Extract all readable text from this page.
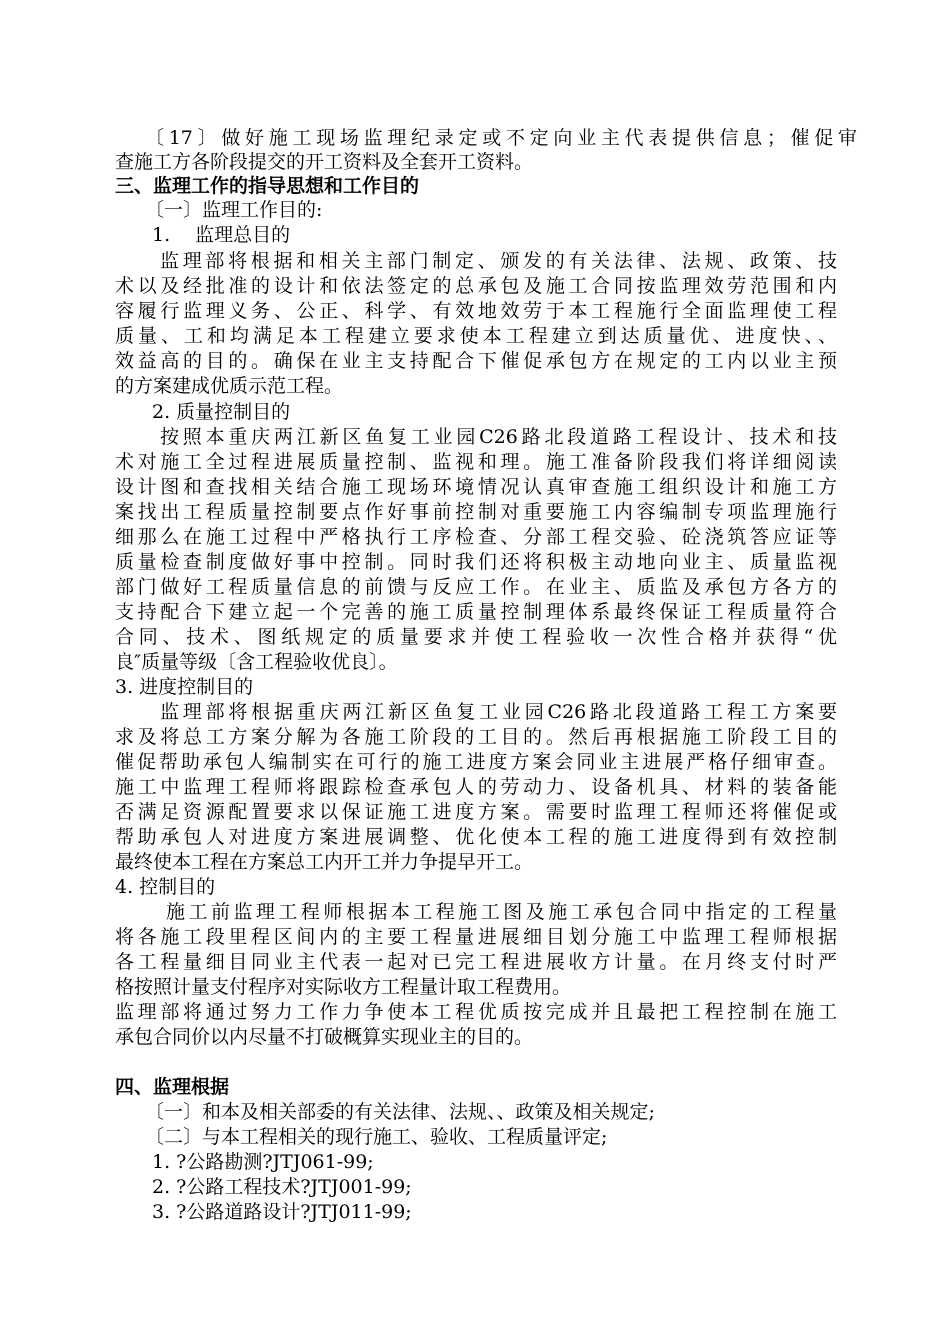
〔17〕做好施工现场监理纪录定或不定向业主代表提供信息；催促审
查施工方各阶段提交的开工资料及全套开工资料。
三、监理工作的指导思想和工作目的
〔一〕监理工作目的:
1.　 监理总目的
监理部将根据和相关主部门制定、颁发的有关法律、法规、政策、技
术以及经批准的设计和依法签定的总承包及施工合同按监理效劳范围和内
容履行监理义务、公正、科学、有效地效劳于本工程施行全面监理使工程
质量、工和均满足本工程建立要求使本工程建立到达质量优、进度快、、
效益高的目的。确保在业主支持配合下催促承包方在规定的工内以业主预
的方案建成优质示范工程。
2. 质量控制目的
按照本重庆两江新区鱼复工业园C26路北段道路工程设计、技术和技
术对施工全过程进展质量控制、监视和理。施工准备阶段我们将详细阅读
设计图和查找相关结合施工现场环境情况认真审查施工组织设计和施工方
案找出工程质量控制要点作好事前控制对重要施工内容编制专项监理施行
细那么在施工过程中严格执行工序检查、分部工程交验、砼浇筑答应证等
质量检查制度做好事中控制。同时我们还将积极主动地向业主、质量监视
部门做好工程质量信息的前馈与反应工作。在业主、质监及承包方各方的
支持配合下建立起一个完善的施工质量控制理体系最终保证工程质量符合
合同、技术、图纸规定的质量要求并使工程验收一次性合格并获得“优
良″质量等级〔含工程验收优良〕。
3. 进度控制目的
监理部将根据重庆两江新区鱼复工业园C26路北段道路工程工方案要
求及将总工方案分解为各施工阶段的工目的。然后再根据施工阶段工目的
催促帮助承包人编制实在可行的施工进度方案会同业主进展严格仔细审查。
施工中监理工程师将跟踪检查承包人的劳动力、设备机具、材料的装备能
否满足资源配置要求以保证施工进度方案。需要时监理工程师还将催促或
帮助承包人对进度方案进展调整、优化使本工程的施工进度得到有效控制
最终使本工程在方案总工内开工并力争提早开工。
4. 控制目的
施工前监理工程师根据本工程施工图及施工承包合同中指定的工程量
将各施工段里程区间内的主要工程量进展细目划分施工中监理工程师根据
各工程量细目同业主代表一起对已完工程进展收方计量。在月终支付时严
格按照计量支付程序对实际收方工程量计取工程费用。
监理部将通过努力工作力争使本工程优质按完成并且最把工程控制在施工
承包合同价以内尽量不打破概算实现业主的目的。
四、监理根据
〔一〕和本及相关部委的有关法律、法规、、政策及相关规定;
〔二〕与本工程相关的现行施工、验收、工程质量评定;
1. ?公路勘测?JTJ061-99;
2. ?公路工程技术?JTJ001-99;
3. ?公路道路设计?JTJ011-99;
